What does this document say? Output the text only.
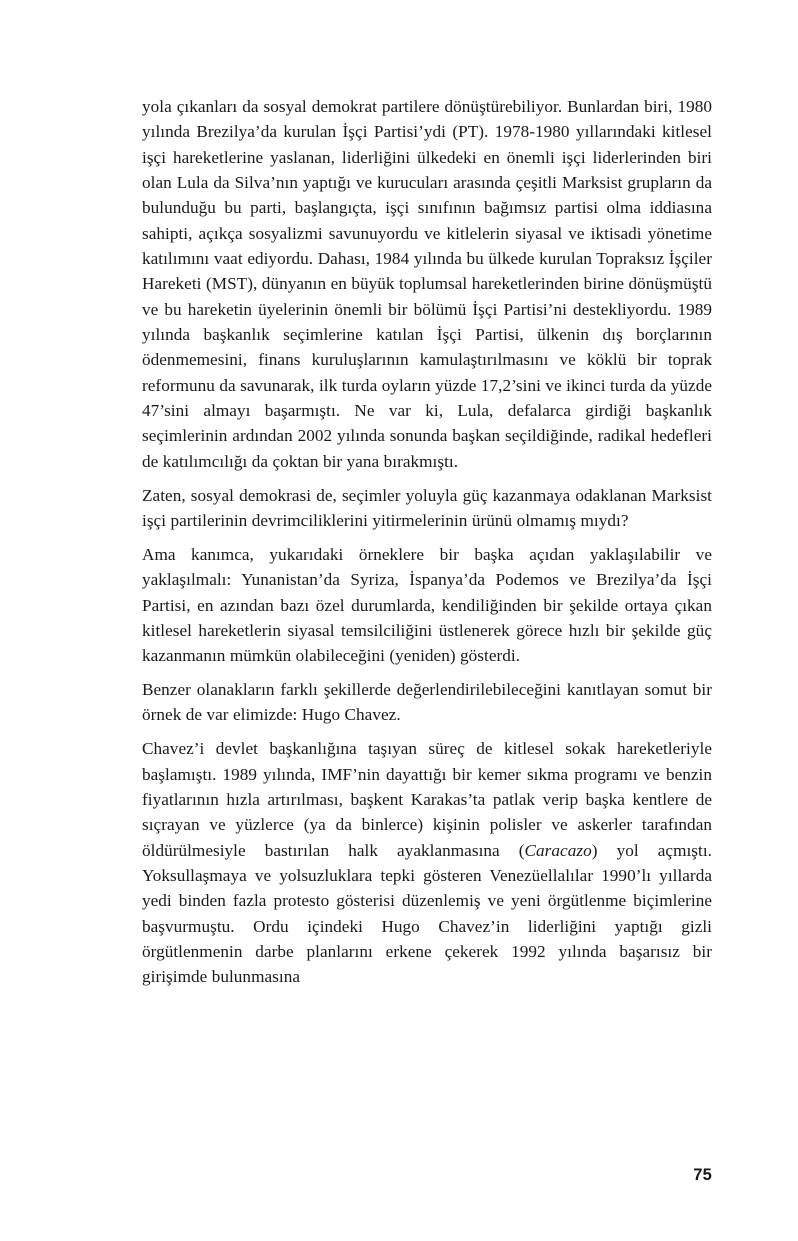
yola çıkanları da sosyal demokrat partilere dönüştürebiliyor. Bunlardan biri, 1980 yılında Brezilya’da kurulan İşçi Partisi’ydi (PT). 1978-1980 yıllarındaki kitlesel işçi hareketlerine yaslanan, liderliğini ülkedeki en önemli işçi liderlerinden biri olan Lula da Silva’nın yaptığı ve kurucuları arasında çeşitli Marksist grupların da bulunduğu bu parti, başlangıçta, işçi sınıfının bağımsız partisi olma iddiasına sahipti, açıkça sosyalizmi savunuyordu ve kitlelerin siyasal ve iktisadi yönetime katılımını vaat ediyordu. Dahası, 1984 yılında bu ülkede kurulan Topraksız İşçiler Hareketi (MST), dünyanın en büyük toplumsal hareketlerinden birine dönüşmüştü ve bu hareketin üyelerinin önemli bir bölümü İşçi Partisi’ni destekliyordu. 1989 yılında başkanlık seçimlerine katılan İşçi Partisi, ülkenin dış borçlarının ödenmemesini, finans kuruluşlarının kamulaştırılmasını ve köklü bir toprak reformunu da savunarak, ilk turda oyların yüzde 17,2’sini ve ikinci turda da yüzde 47’sini almayı başarmıştı. Ne var ki, Lula, defalarca girdiği başkanlık seçimlerinin ardından 2002 yılında sonunda başkan seçildiğinde, radikal hedefleri de katılımcılığı da çoktan bir yana bırakmıştı.

Zaten, sosyal demokrasi de, seçimler yoluyla güç kazanmaya odaklanan Marksist işçi partilerinin devrimciliklerini yitirmelerinin ürünü olmamış mıydı?

Ama kanımca, yukarıdaki örneklere bir başka açıdan yaklaşılabilir ve yaklaşılmalı: Yunanistan’da Syriza, İspanya’da Podemos ve Brezilya’da İşçi Partisi, en azından bazı özel durumlarda, kendiliğinden bir şekilde ortaya çıkan kitlesel hareketlerin siyasal temsilciliğini üstlenerek görece hızlı bir şekilde güç kazanmanın mümkün olabileceğini (yeniden) gösterdi.

Benzer olanakların farklı şekillerde değerlendirilebileceğini kanıtlayan somut bir örnek de var elimizde: Hugo Chavez.

Chavez’i devlet başkanlığına taşıyan süreç de kitlesel sokak hareketleriyle başlamıştı. 1989 yılında, IMF’nin dayattığı bir kemer sıkma programı ve benzin fiyatlarının hızla artırılması, başkent Karakas’ta patlak verip başka kentlere de sıçrayan ve yüzlerce (ya da binlerce) kişinin polisler ve askerler tarafından öldürülmesiyle bastırılan halk ayaklanmasına (Caracazo) yol açmıştı. Yoksullaşmaya ve yolsuzluklara tepki gösteren Venezüellalılar 1990’lı yıllarda yedi binden fazla protesto gösterisi düzenlemiş ve yeni örgütlenme biçimlerine başvurmuştu. Ordu içindeki Hugo Chavez’in liderliğini yaptığı gizli örgütlenmenin darbe planlarını erkene çekerek 1992 yılında başarısız bir girişimde bulunmasına

75
